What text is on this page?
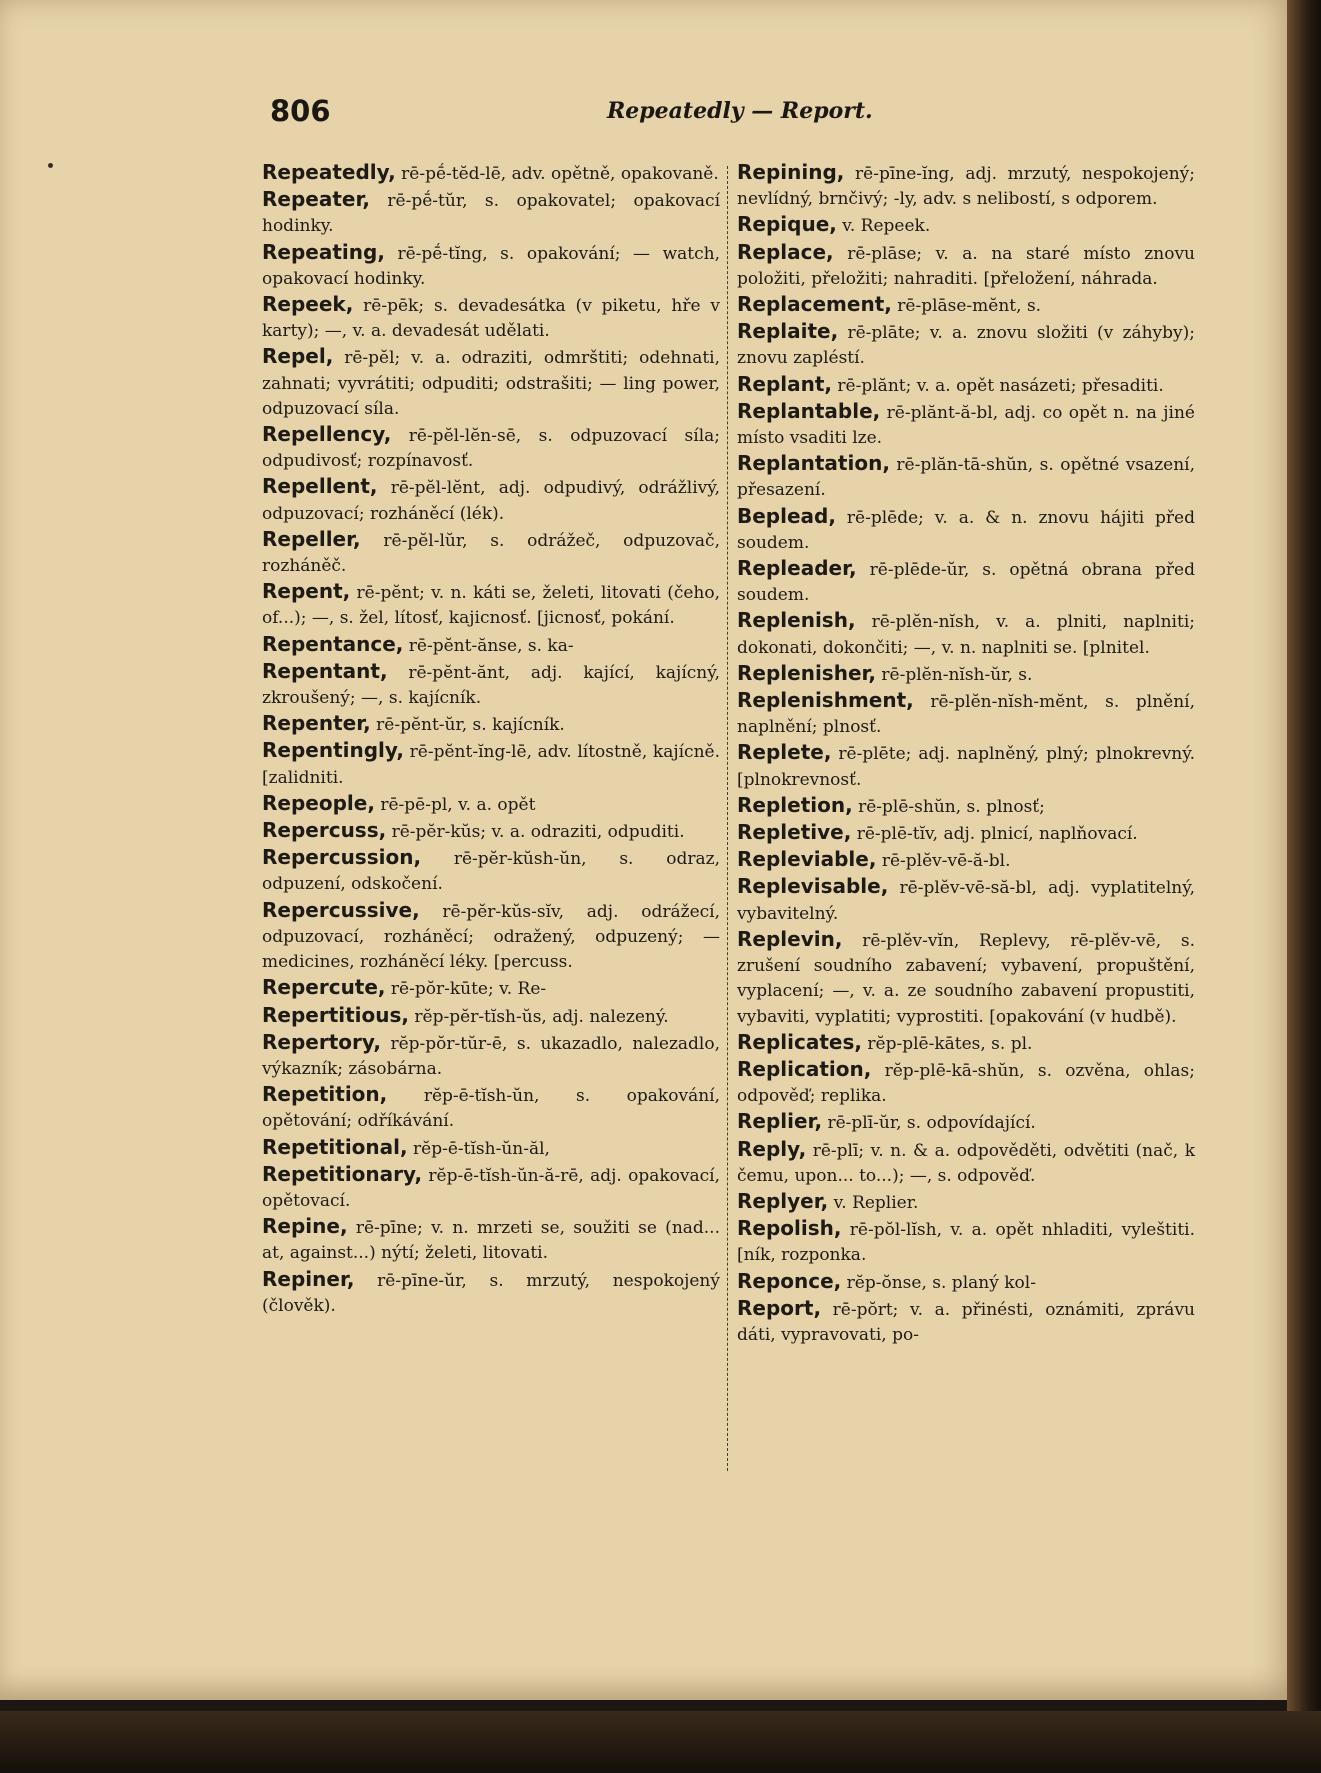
806	Repeatedly — Report.

Repeatedly, rē-pḗ-tĕd-lē, adv. opětně, opakovaně.

Repeater, rē-pḗ-tŭr, s. opakovatel; opakovací hodinky.

Repeating, rē-pḗ-tĭng, s. opakování; — watch, opakovací hodinky.

Repeek, rē-pēk; s. devadesátka (v piketu, hře v karty); —, v. a. devadesát udělati.

Repel, rē-pĕl; v. a. odraziti, odmrštiti; odehnati, zahnati; vyvrátiti; odpuditi; odstrašiti; — ling power, odpuzovací síla.

Repellency, rē-pĕl-lĕn-sē, s. odpuzovací síla; odpudivosť; rozpínavosť.

Repellent, rē-pĕl-lĕnt, adj. odpudivý, odrážlivý, odpuzovací; rozháněcí (lék).

Repeller, rē-pĕl-lŭr, s. odrážeč, odpuzovač, rozháněč.

Repent, rē-pĕnt; v. n. káti se, želeti, litovati (čeho, of...); —, s. žel, lítosť, kajicnosť. [jicnosť, pokání.

Repentance, rē-pĕnt-ănse, s. ka-

Repentant, rē-pĕnt-ănt, adj. kající, kajícný, zkroušený; —, s. kajícník.

Repenter, rē-pĕnt-ŭr, s. kajícník.

Repentingly, rē-pĕnt-ĭng-lē, adv. lítostně, kajícně. [zalidniti.

Repeople, rē-pē-pl, v. a. opět

Repercuss, rē-pĕr-kŭs; v. a. odraziti, odpuditi.

Repercussion, rē-pĕr-kŭsh-ŭn, s. odraz, odpuzení, odskočení.

Repercussive, rē-pĕr-kŭs-sĭv, adj. odrážecí, odpuzovací, rozháněcí; odražený, odpuzený; — medicines, rozháněcí léky. [percuss.

Repercute, rē-pŏr-kūte; v. Re-

Repertitious, rĕp-pĕr-tĭsh-ŭs, adj. nalezený.

Repertory, rĕp-pŏr-tŭr-ē, s. ukazadlo, nalezadlo, výkazník; zásobárna.

Repetition, rĕp-ē-tĭsh-ŭn, s. opakování, opětování; odříkávání.

Repetitional, rĕp-ē-tĭsh-ŭn-ăl,

Repetitionary, rĕp-ē-tĭsh-ŭn-ă-rē, adj. opakovací, opětovací.

Repine, rē-pīne; v. n. mrzeti se, soužiti se (nad... at, against...) nýtí; želeti, litovati.

Repiner, rē-pīne-ŭr, s. mrzutý, nespokojený (člověk).

Repining, rē-pīne-ĭng, adj. mrzutý, nespokojený; nevlídný, brnčivý; -ly, adv. s nelibostí, s odporem.

Repique, v. Repeek.

Replace, rē-plāse; v. a. na staré místo znovu položiti, přeložiti; nahraditi. [přeložení, náhrada.

Replacement, rē-plāse-mĕnt, s.

Replaite, rē-plāte; v. a. znovu složiti (v záhyby); znovu zapléstí.

Replant, rē-plănt; v. a. opět nasázeti; přesaditi.

Replantable, rē-plănt-ă-bl, adj. co opět n. na jiné místo vsaditi lze.

Replantation, rē-plăn-tā-shŭn, s. opětné vsazení, přesazení.

Beplead, rē-plēde; v. a. & n. znovu hájiti před soudem.

Repleader, rē-plēde-ŭr, s. opětná obrana před soudem.

Replenish, rē-plĕn-nĭsh, v. a. plniti, naplniti; dokonati, dokončiti; —, v. n. naplniti se. [plnitel.

Replenisher, rē-plĕn-nĭsh-ŭr, s.

Replenishment, rē-plĕn-nĭsh-mĕnt, s. plnění, naplnění; plnosť.

Replete, rē-plēte; adj. naplněný, plný; plnokrevný. [plnokrevnosť.

Repletion, rē-plē-shŭn, s. plnosť;

Repletive, rē-plē-tĭv, adj. plnicí, naplňovací.

Repleviable, rē-plĕv-vē-ă-bl.

Replevisable, rē-plĕv-vē-să-bl, adj. vyplatitelný, vybavitelný.

Replevin, rē-plĕv-vĭn, Replevy, rē-plĕv-vē, s. zrušení soudního zabavení; vybavení, propuštění, vyplacení; —, v. a. ze soudního zabavení propustiti, vybaviti, vyplatiti; vyprostiti. [opakování (v hudbě).

Replicates, rĕp-plē-kātes, s. pl.

Replication, rĕp-plē-kā-shŭn, s. ozvěna, ohlas; odpověď; replika.

Replier, rē-plī-ŭr, s. odpovídající.

Reply, rē-plī; v. n. & a. odpověděti, odvětiti (nač, k čemu, upon... to...); —, s. odpověď.

Replyer, v. Replier.

Repolish, rē-pŏl-lĭsh, v. a. opět nhladiti, vyleštiti. [ník, rozponka.

Reponce, rĕp-ŏnse, s. planý kol-

Report, rē-pŏrt; v. a. přinésti, oznámiti, zprávu dáti, vypravovati, po-
